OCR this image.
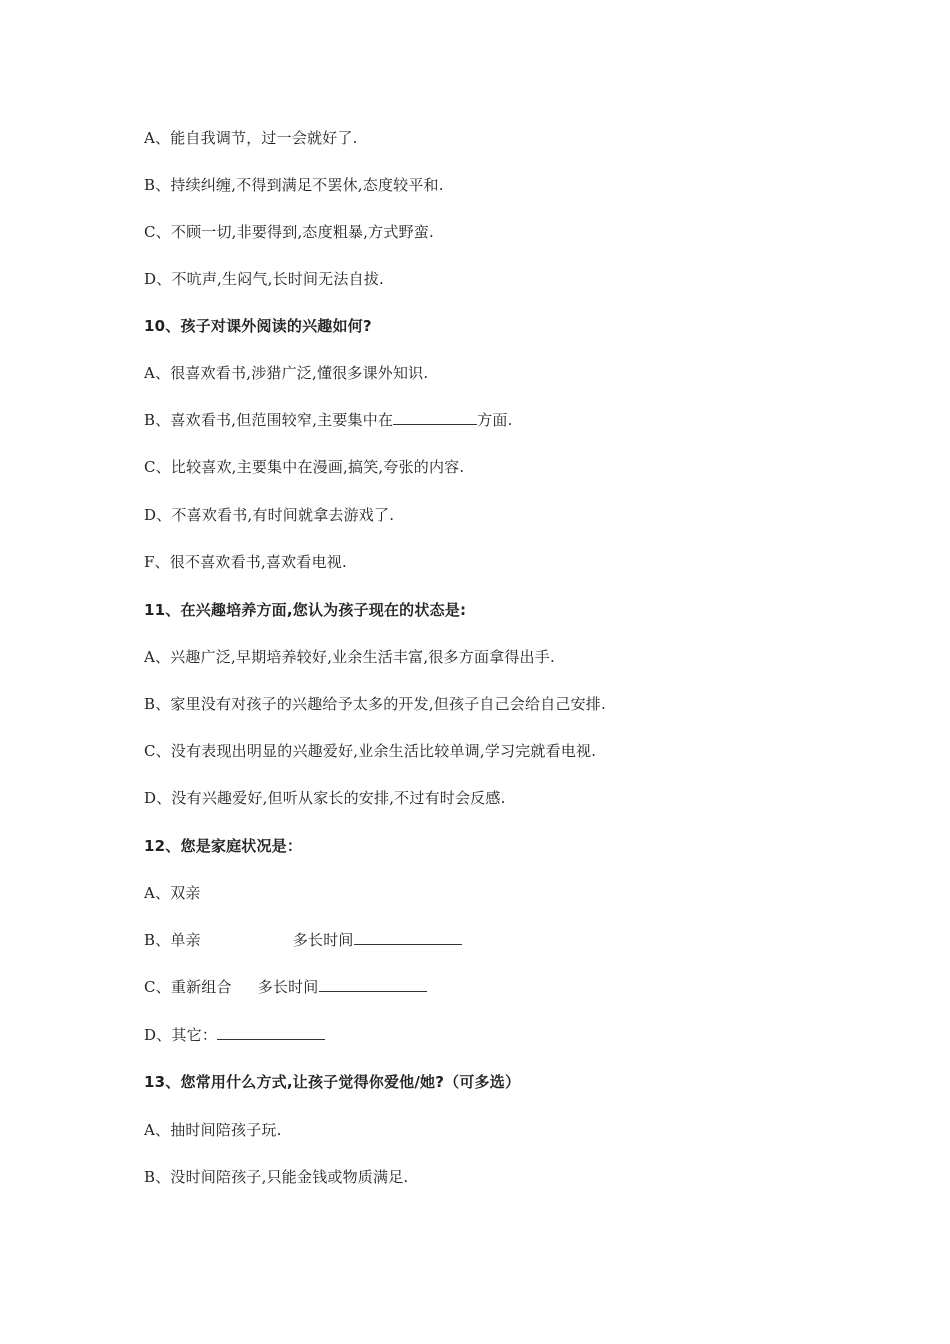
A、能自我调节，过一会就好了.
B、持续纠缠,不得到满足不罢休,态度较平和.
C、不顾一切,非要得到,态度粗暴,方式野蛮.
D、不吭声,生闷气,长时间无法自拔.
10、孩子对课外阅读的兴趣如何?
A、很喜欢看书,涉猎广泛,懂很多课外知识.
B、喜欢看书,但范围较窄,主要集中在	方面.
C、比较喜欢,主要集中在漫画,搞笑,夸张的内容.
D、不喜欢看书,有时间就拿去游戏了.
F、很不喜欢看书,喜欢看电视.
11、在兴趣培养方面,您认为孩子现在的状态是:
A、兴趣广泛,早期培养较好,业余生活丰富,很多方面拿得出手.
B、家里没有对孩子的兴趣给予太多的开发,但孩子自己会给自己安排.
C、没有表现出明显的兴趣爱好,业余生活比较单调,学习完就看电视.
D、没有兴趣爱好,但听从家长的安排,不过有时会反感.
12、您是家庭状况是：
A、双亲
B、单亲	多长时间
C、重新组合 多长时间
D、其它：
13、您常用什么方式,让孩子觉得你爱他/她?（可多选）
A、抽时间陪孩子玩.
B、没时间陪孩子,只能金钱或物质满足.
